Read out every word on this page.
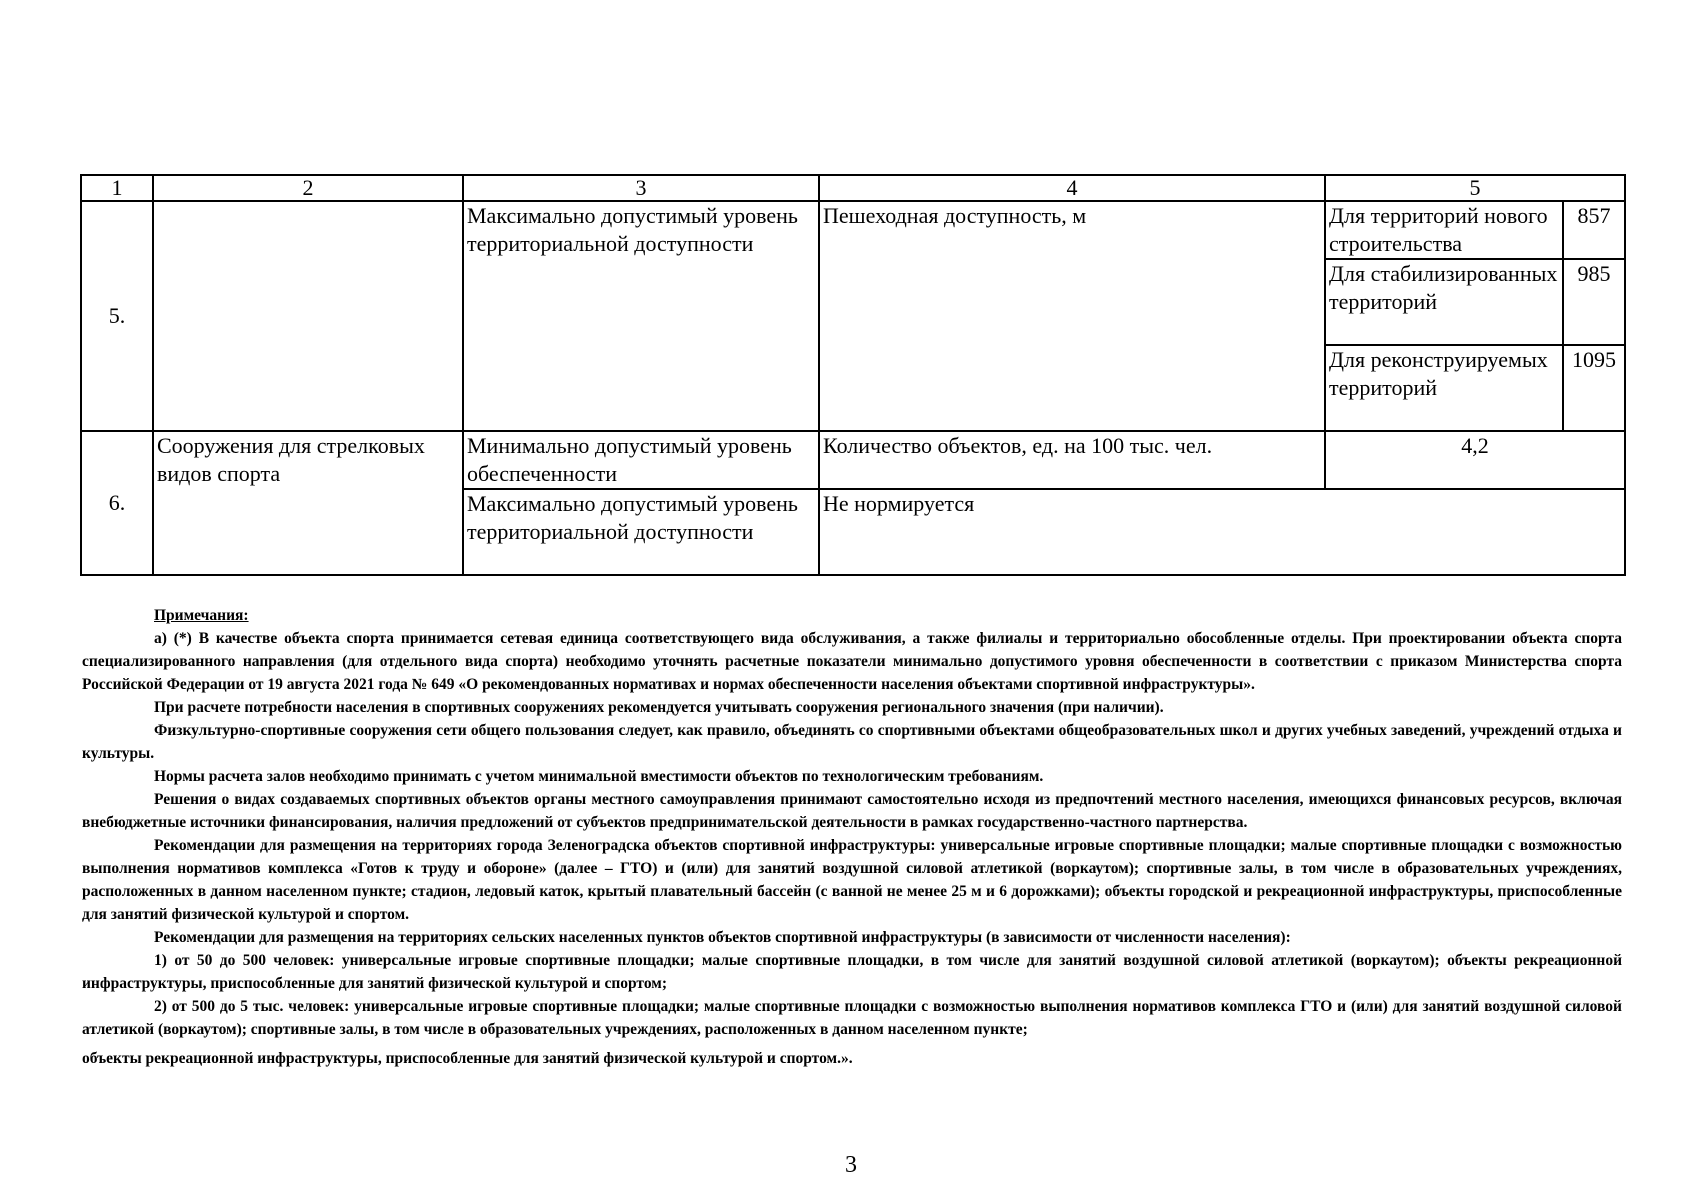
1	2	3	4	5	
5.		Максимально допустимый уровень территориальной доступности	Пешеходная доступность, м	Для территорий нового строительства	857
				Для стабилизированных территорий	985
				Для реконструируемых территорий	1095
6.	Сооружения для стрелковых видов спорта	Минимально допустимый уровень обеспеченности	Количество объектов, ед. на 100 тыс. чел.	4,2	
		Максимально допустимый уровень территориальной доступности	Не нормируется		

Примечания:

а) (*) В качестве объекта спорта принимается сетевая единица соответствующего вида обслуживания, а также филиалы и территориально обособленные отделы. При проектировании объекта спорта специализированного направления (для отдельного вида спорта) необходимо уточнять расчетные показатели минимально допустимого уровня обеспеченности в соответствии с приказом Министерства спорта Российской Федерации от 19 августа 2021 года № 649 «О рекомендованных нормативах и нормах обеспеченности населения объектами спортивной инфраструктуры».

При расчете потребности населения в спортивных сооружениях рекомендуется учитывать сооружения регионального значения (при наличии).

Физкультурно-спортивные сооружения сети общего пользования следует, как правило, объединять со спортивными объектами общеобразовательных школ и других учебных заведений, учреждений отдыха и культуры.

Нормы расчета залов необходимо принимать с учетом минимальной вместимости объектов по технологическим требованиям.

Решения о видах создаваемых спортивных объектов органы местного самоуправления принимают самостоятельно исходя из предпочтений местного населения, имеющихся финансовых ресурсов, включая внебюджетные источники финансирования, наличия предложений от субъектов предпринимательской деятельности в рамках государственно-частного партнерства.

Рекомендации для размещения на территориях города Зеленоградска объектов спортивной инфраструктуры: универсальные игровые спортивные площадки; малые спортивные площадки с возможностью выполнения нормативов комплекса «Готов к труду и обороне» (далее – ГТО) и (или) для занятий воздушной силовой атлетикой (воркаутом); спортивные залы, в том числе в образовательных учреждениях, расположенных в данном населенном пункте; стадион, ледовый каток, крытый плавательный бассейн (с ванной не менее 25 м и 6 дорожками); объекты городской и рекреационной инфраструктуры, приспособленные для занятий физической культурой и спортом.

Рекомендации для размещения на территориях сельских населенных пунктов объектов спортивной инфраструктуры (в зависимости от численности населения):

1) от 50 до 500 человек: универсальные игровые спортивные площадки; малые спортивные площадки, в том числе для занятий воздушной силовой атлетикой (воркаутом); объекты рекреационной инфраструктуры, приспособленные для занятий физической культурой и спортом;

2) от 500 до 5 тыс. человек: универсальные игровые спортивные площадки; малые спортивные площадки с возможностью выполнения нормативов комплекса ГТО и (или) для занятий воздушной силовой атлетикой (воркаутом); спортивные залы, в том числе в образовательных учреждениях, расположенных в данном населенном пункте;

объекты рекреационной инфраструктуры, приспособленные для занятий физической культурой и спортом.».

3
